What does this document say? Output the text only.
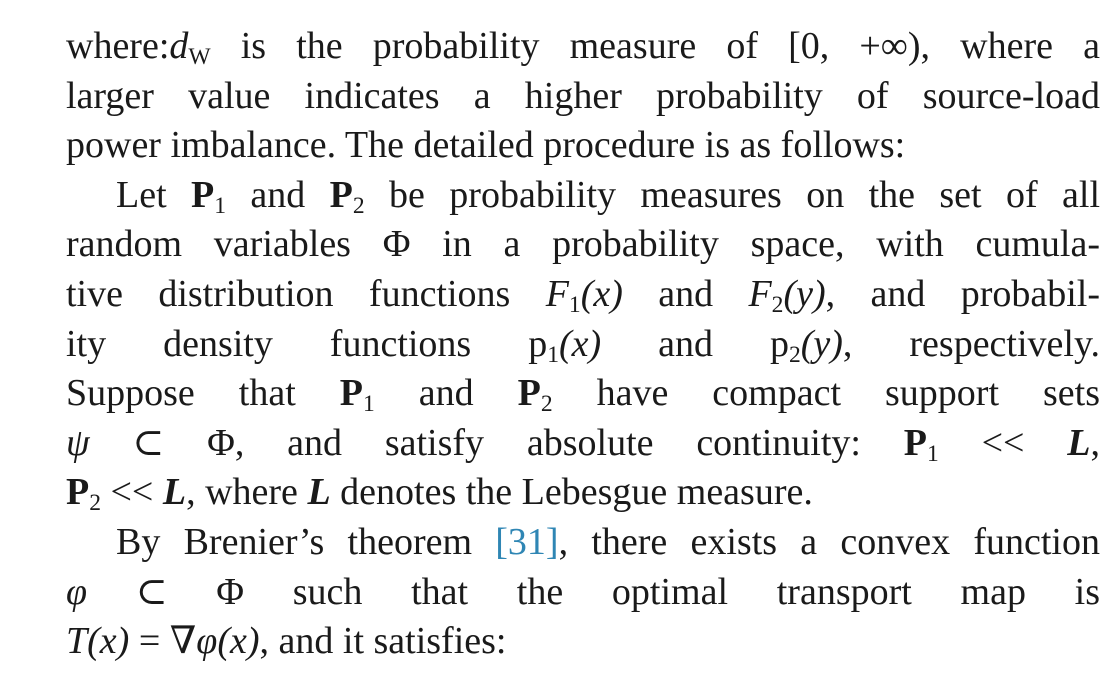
$where:d_W$ is the probability measure of [0, +∞), where a
larger value indicates a higher probability of source-load
power imbalance. The detailed procedure is as follows:
Let $P_1$ and $P_2$ be probability measures on the set of all
random variables Φ in a probability space, with cumula-
tive distribution functions $F_1(x)$ and $F_2(y)$, and probabil-
ity density functions $p_1(x)$ and $p_2(y)$, respectively.
Suppose that $P_1$ and $P_2$ have compact support sets
ψ ⊂ Φ, and satisfy absolute continuity: $P_1 << L$,
$P_2 << L$, where L denotes the Lebesgue measure.
By Brenier’s theorem [31], there exists a convex function
φ ⊂ Φ such that the optimal transport map is
T(x) = ∇φ(x), and it satisfies:
